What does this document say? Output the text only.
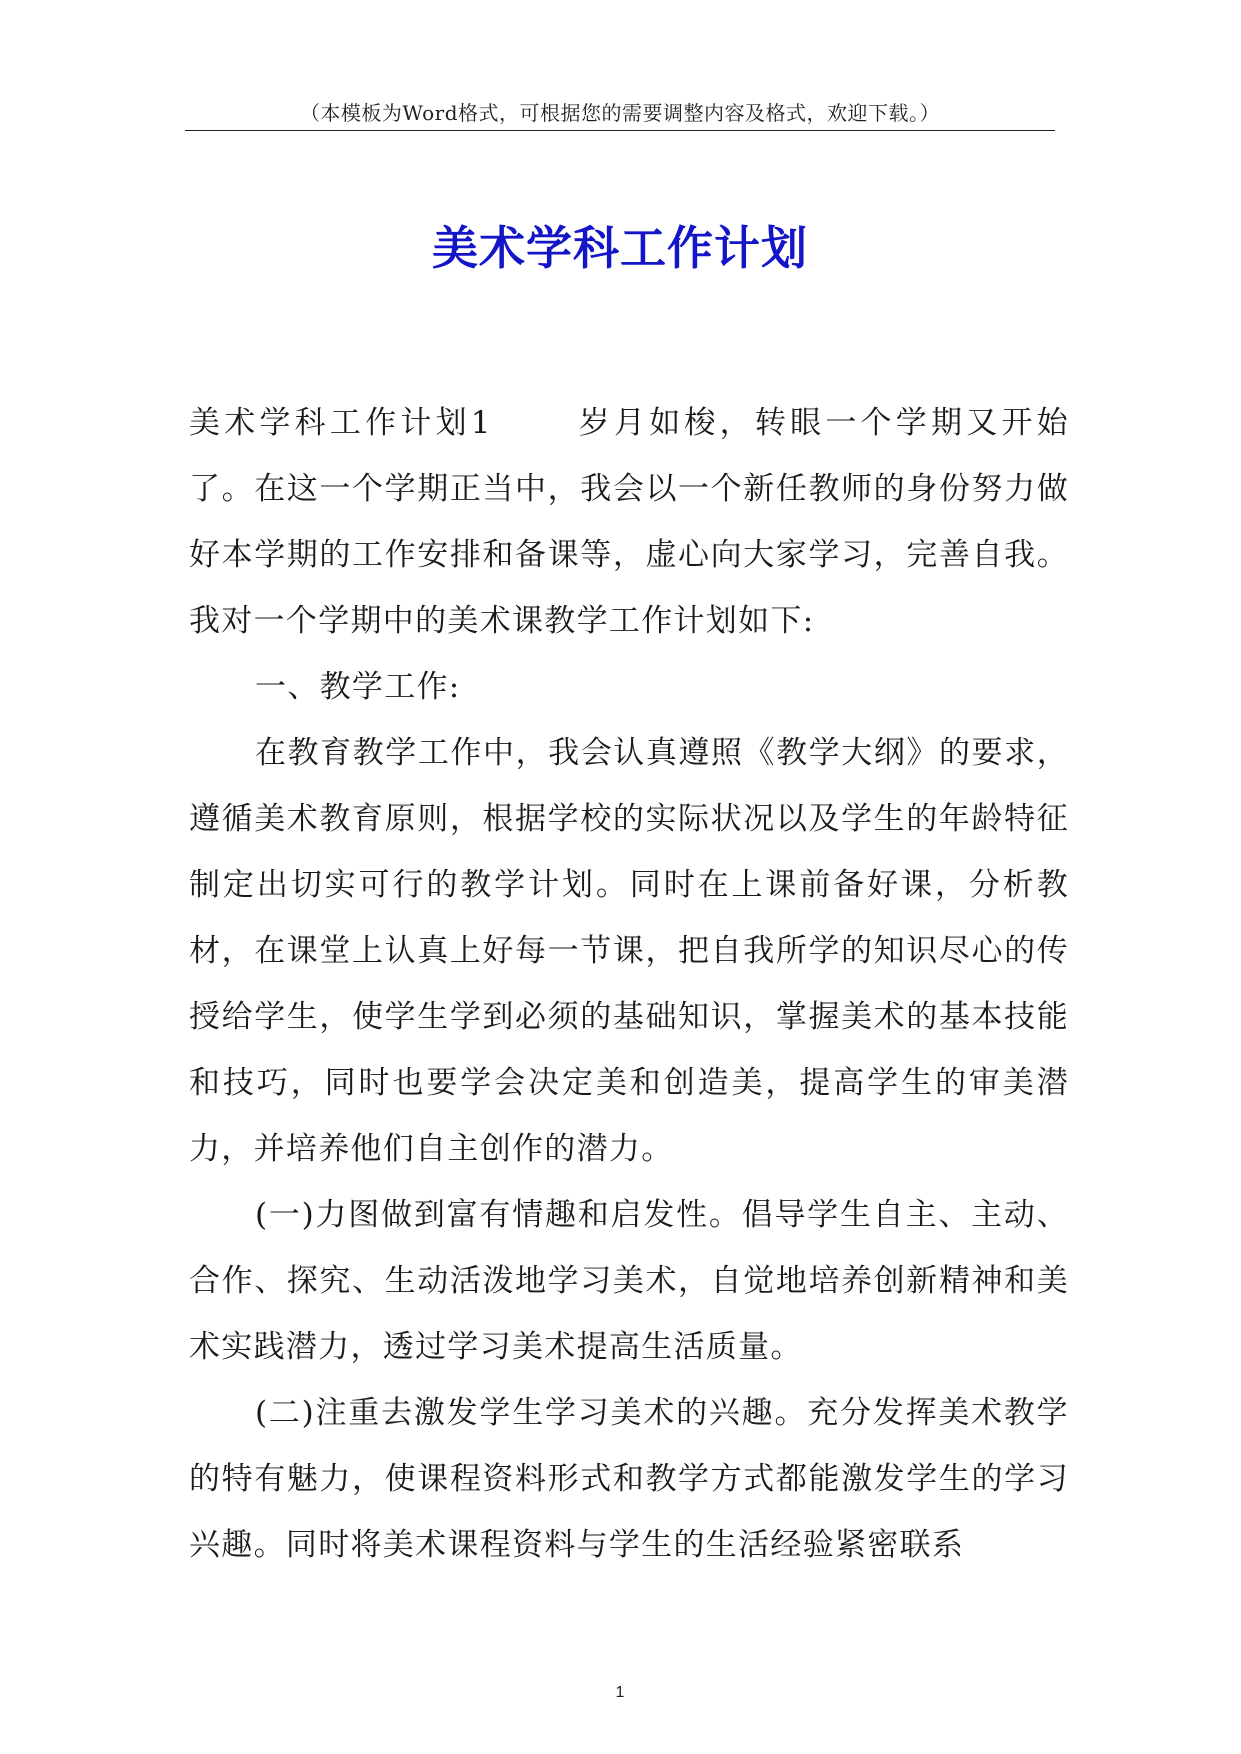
（本模板为Word格式，可根据您的需要调整内容及格式，欢迎下载。）
美术学科工作计划

美术学科工作计划1	岁月如梭，转眼一个学期又开始了。在这一个学期正当中，我会以一个新任教师的身份努力做好本学期的工作安排和备课等，虚心向大家学习，完善自我。我对一个学期中的美术课教学工作计划如下:

一、教学工作:

在教育教学工作中，我会认真遵照《教学大纲》的要求，遵循美术教育原则，根据学校的实际状况以及学生的年龄特征制定出切实可行的教学计划。同时在上课前备好课，分析教材，在课堂上认真上好每一节课，把自我所学的知识尽心的传授给学生，使学生学到必须的基础知识，掌握美术的基本技能和技巧，同时也要学会决定美和创造美，提高学生的审美潜力，并培养他们自主创作的潜力。

(一)力图做到富有情趣和启发性。倡导学生自主、主动、合作、探究、生动活泼地学习美术，自觉地培养创新精神和美术实践潜力，透过学习美术提高生活质量。

(二)注重去激发学生学习美术的兴趣。充分发挥美术教学的特有魅力，使课程资料形式和教学方式都能激发学生的学习兴趣。同时将美术课程资料与学生的生活经验紧密联系

1
